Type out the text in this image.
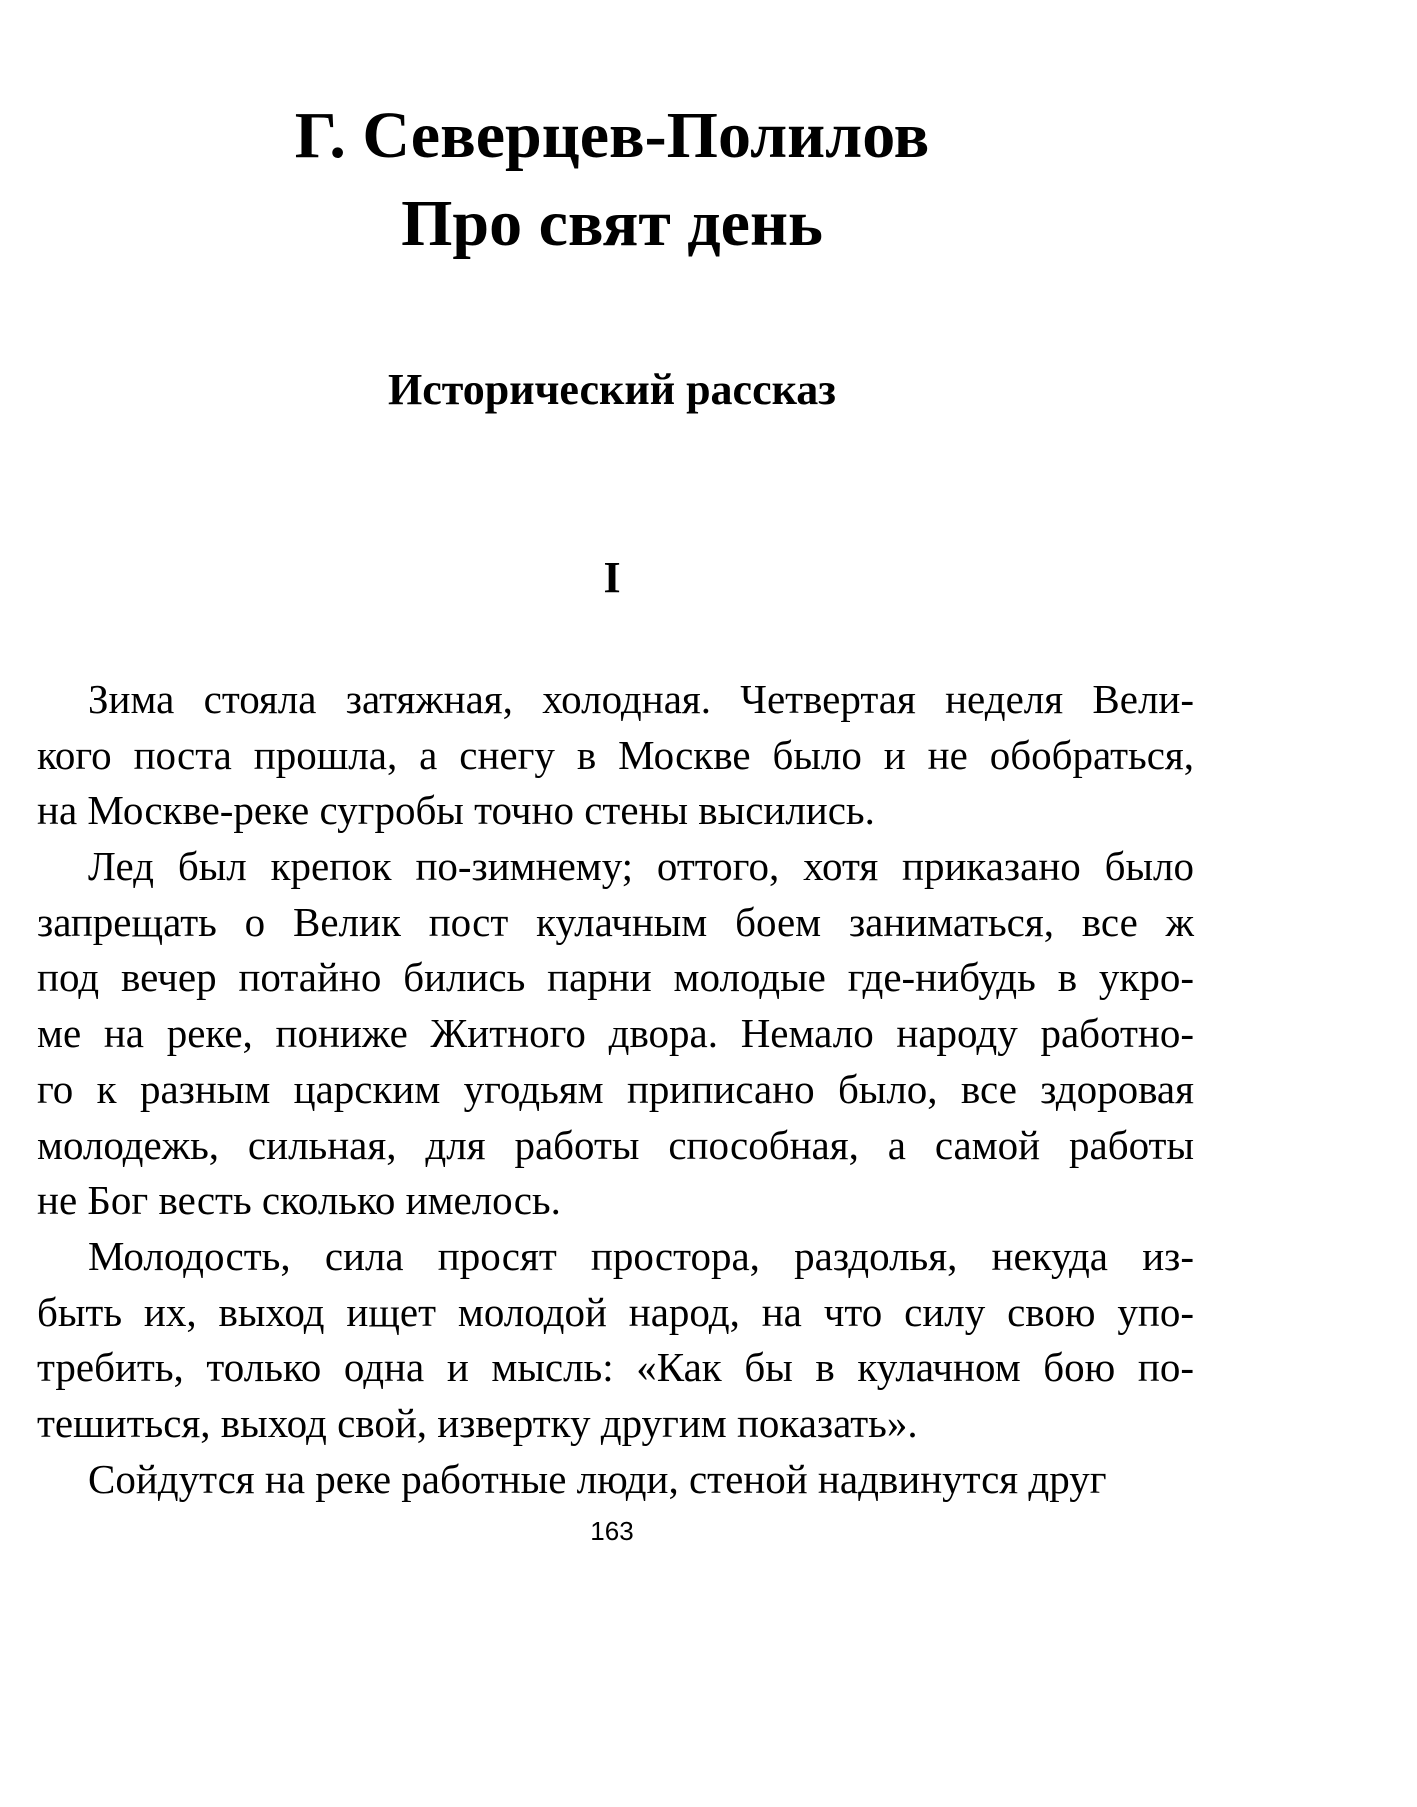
Г. Северцев-Полилов
Про свят день
Исторический рассказ
I
Зима стояла затяжная, холодная. Четвертая неделя Вели-
кого поста прошла, а снегу в Москве было и не обобраться,
на Москве-реке сугробы точно стены высились.
Лед был крепок по-зимнему; оттого, хотя приказано было
запрещать о Велик пост кулачным боем заниматься, все ж
под вечер потайно бились парни молодые где-нибудь в укро-
ме на реке, пониже Житного двора. Немало народу работно-
го к разным царским угодьям приписано было, все здоровая
молодежь, сильная, для работы способная, а самой работы
не Бог весть сколько имелось.
Молодость, сила просят простора, раздолья, некуда из-
быть их, выход ищет молодой народ, на что силу свою упо-
требить, только одна и мысль: «Как бы в кулачном бою по-
тешиться, выход свой, извертку другим показать».
Сойдутся на реке работные люди, стеной надвинутся друг
163
